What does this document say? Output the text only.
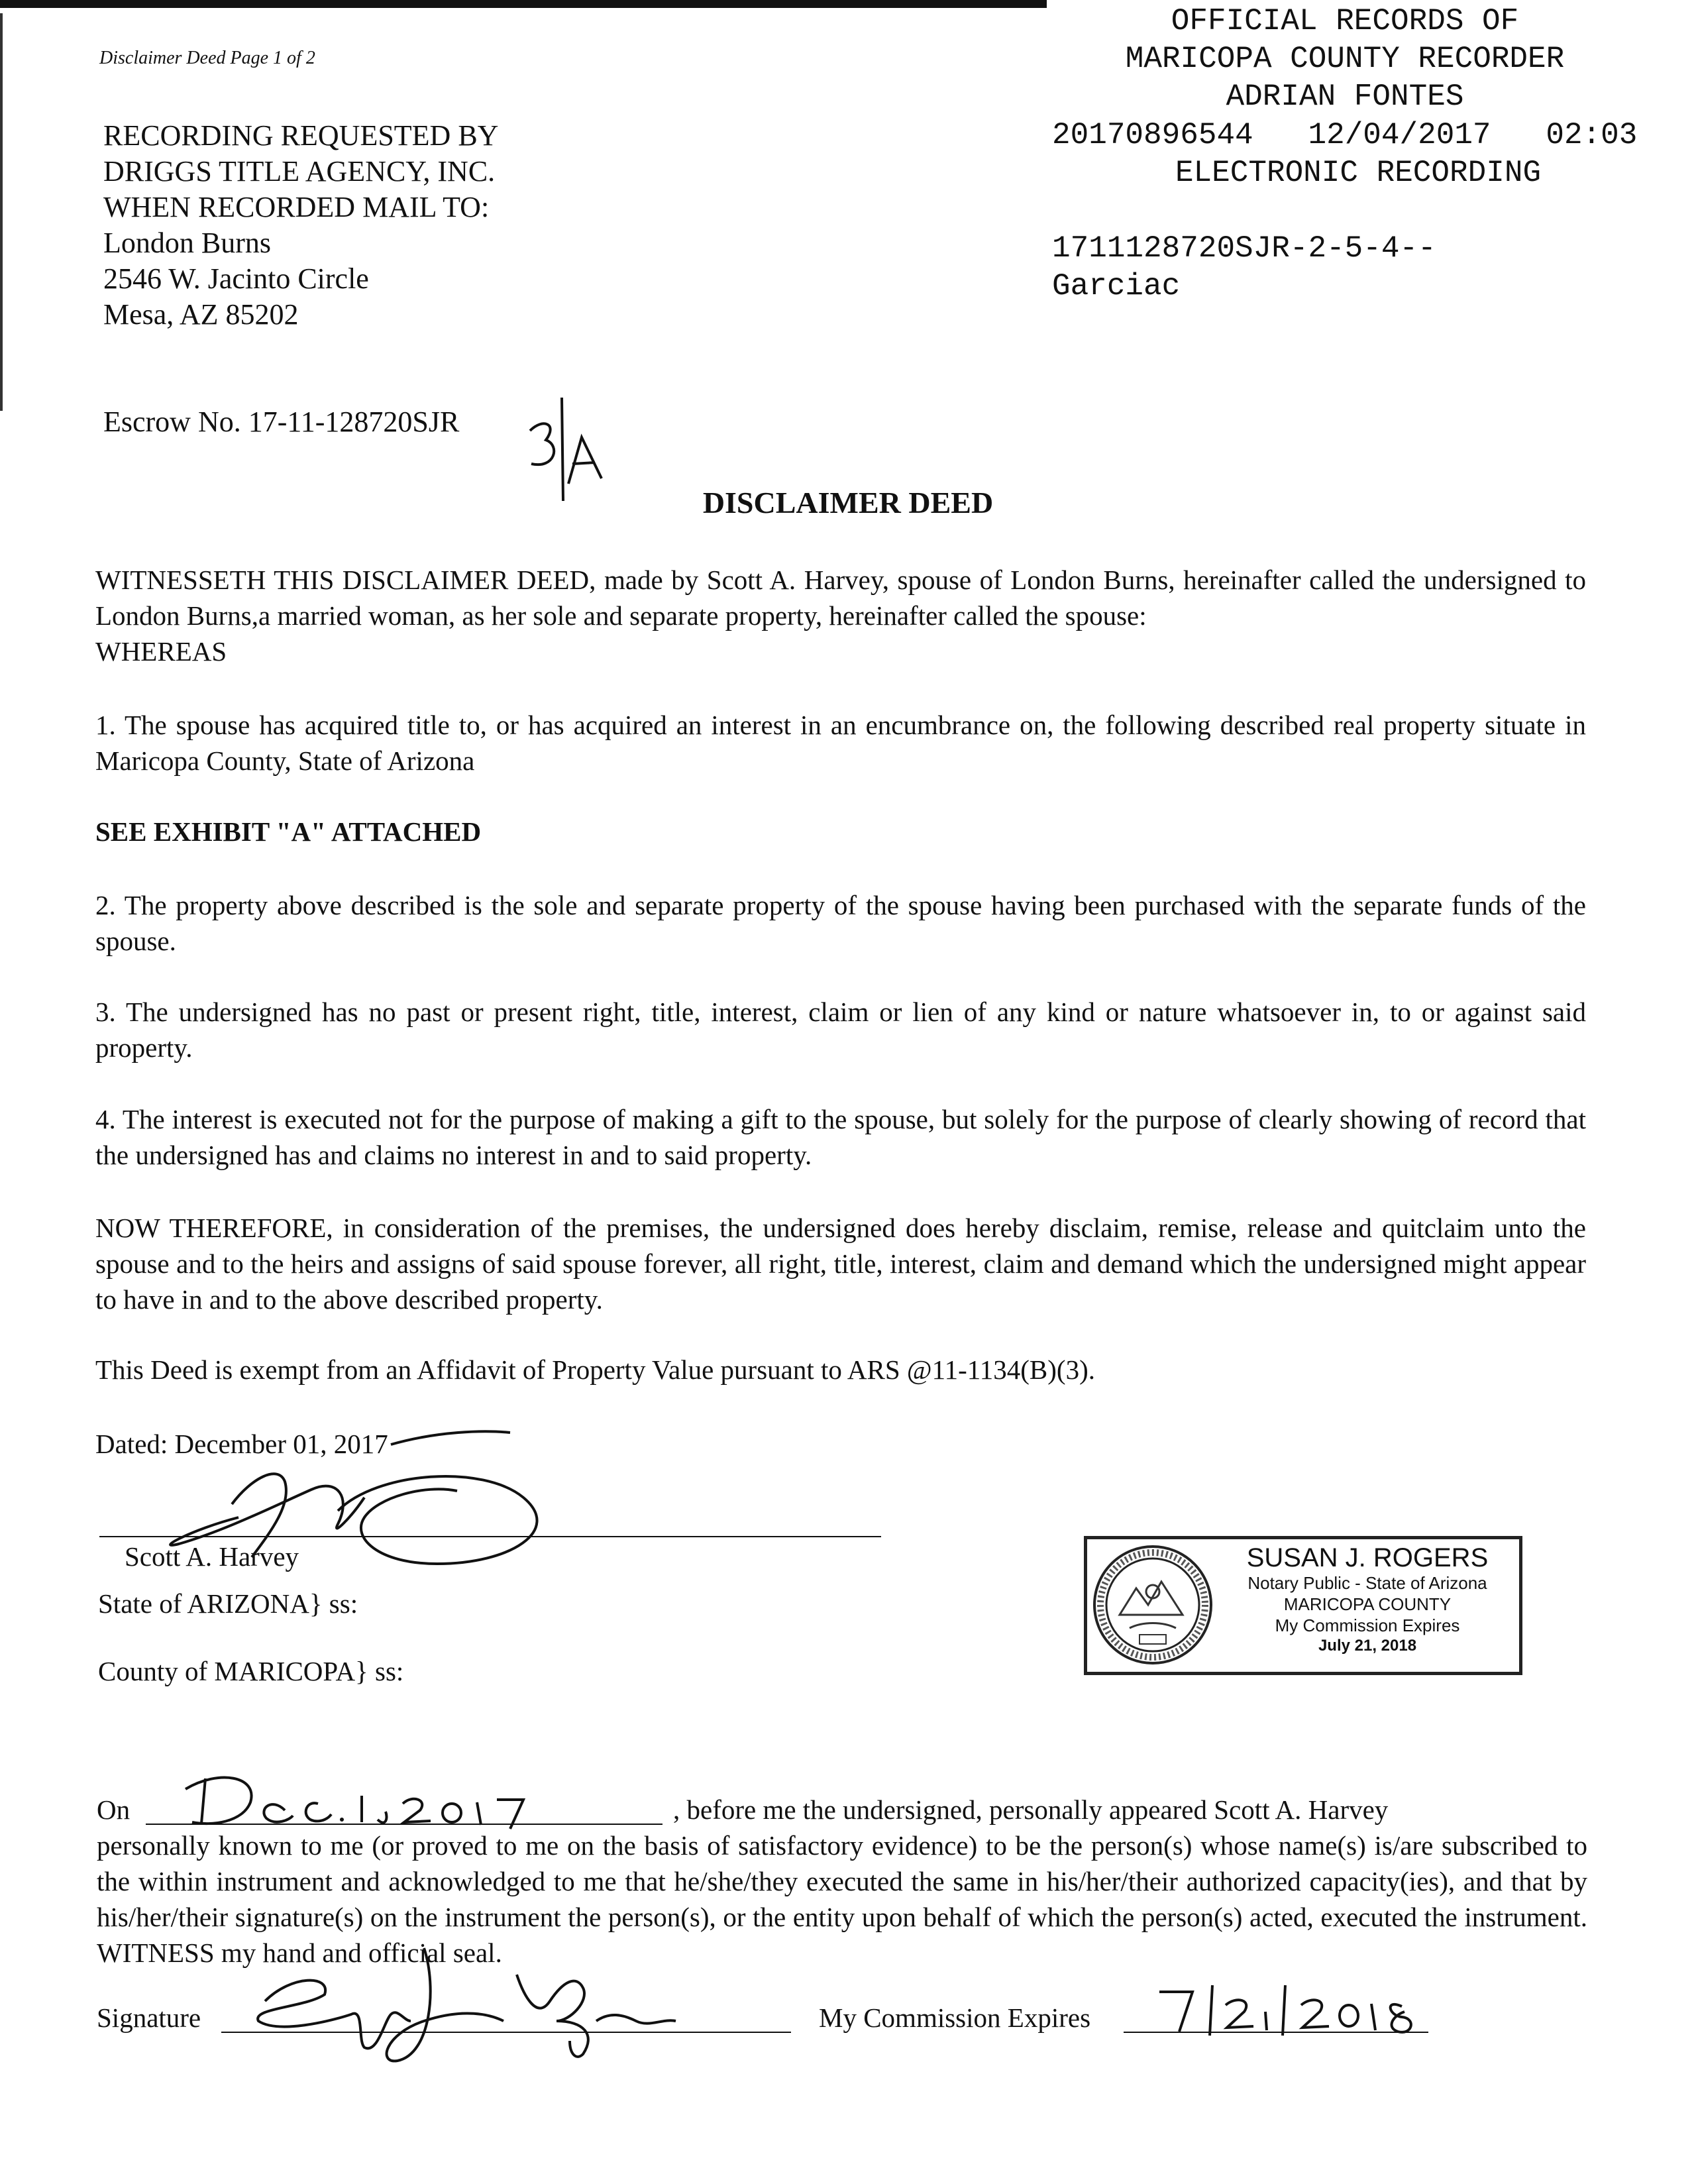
Disclaimer Deed Page 1 of 2
OFFICIAL RECORDS OF
MARICOPA COUNTY RECORDER
ADRIAN FONTES
20170896544 12/04/2017 02:03
ELECTRONIC RECORDING
1711128720SJR-2-5-4--
Garciac
RECORDING REQUESTED BY
DRIGGS TITLE AGENCY, INC.
WHEN RECORDED MAIL TO:
London Burns
2546 W. Jacinto Circle
Mesa, AZ 85202
Escrow No. 17-11-128720SJR
DISCLAIMER DEED
WITNESSETH THIS DISCLAIMER DEED, made by Scott A. Harvey, spouse of London Burns, hereinafter called the undersigned to London Burns,a married woman, as her sole and separate property, hereinafter called the spouse:
WHEREAS
1. The spouse has acquired title to, or has acquired an interest in an encumbrance on, the following described real property situate in Maricopa County, State of Arizona
SEE EXHIBIT "A" ATTACHED
2. The property above described is the sole and separate property of the spouse having been purchased with the separate funds of the spouse.
3. The undersigned has no past or present right, title, interest, claim or lien of any kind or nature whatsoever in, to or against said property.
4. The interest is executed not for the purpose of making a gift to the spouse, but solely for the purpose of clearly showing of record that the undersigned has and claims no interest in and to said property.
NOW THEREFORE, in consideration of the premises, the undersigned does hereby disclaim, remise, release and quitclaim unto the spouse and to the heirs and assigns of said spouse forever, all right, title, interest, claim and demand which the undersigned might appear to have in and to the above described property.
This Deed is exempt from an Affidavit of Property Value pursuant to ARS @11-1134(B)(3).
Dated: December 01, 2017
Scott A. Harvey
State of ARIZONA} ss:
County of MARICOPA} ss:
SUSAN J. ROGERS
Notary Public - State of Arizona
MARICOPA COUNTY
My Commission Expires
July 21, 2018
On	, before me the undersigned, personally appeared Scott A. Harvey
personally known to me (or proved to me on the basis of satisfactory evidence) to be the person(s) whose name(s) is/are subscribed to the within instrument and acknowledged to me that he/she/they executed the same in his/her/their authorized capacity(ies), and that by his/her/their signature(s) on the instrument the person(s), or the entity upon behalf of which the person(s) acted, executed the instrument. WITNESS my hand and official seal.
Signature	My Commission Expires
